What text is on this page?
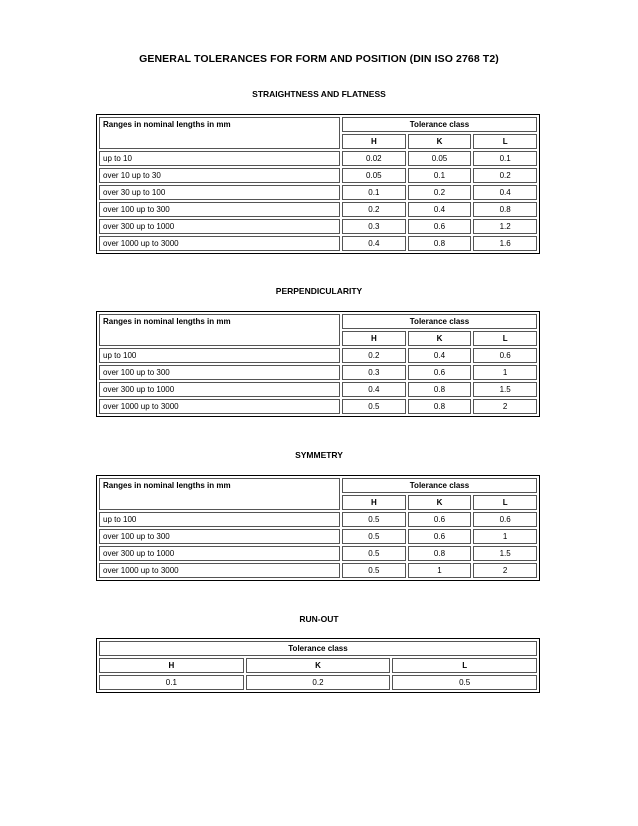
GENERAL TOLERANCES FOR FORM AND POSITION (DIN ISO 2768 T2)
STRAIGHTNESS AND FLATNESS
Ranges in nominal lengths in mm	Tolerance class		
	H	K	L
up to 10	0.02	0.05	0.1
over 10 up to 30	0.05	0.1	0.2
over 30 up to 100	0.1	0.2	0.4
over 100 up to 300	0.2	0.4	0.8
over 300 up to 1000	0.3	0.6	1.2
over 1000 up to 3000	0.4	0.8	1.6
PERPENDICULARITY
Ranges in nominal lengths in mm	Tolerance class		
	H	K	L
up to 100	0.2	0.4	0.6
over 100 up to 300	0.3	0.6	1
over 300 up to 1000	0.4	0.8	1.5
over 1000 up to 3000	0.5	0.8	2
SYMMETRY
Ranges in nominal lengths in mm	Tolerance class		
	H	K	L
up to 100	0.5	0.6	0.6
over 100 up to 300	0.5	0.6	1
over 300 up to 1000	0.5	0.8	1.5
over 1000 up to 3000	0.5	1	2
RUN-OUT
Tolerance class		
H	K	L
0.1	0.2	0.5
